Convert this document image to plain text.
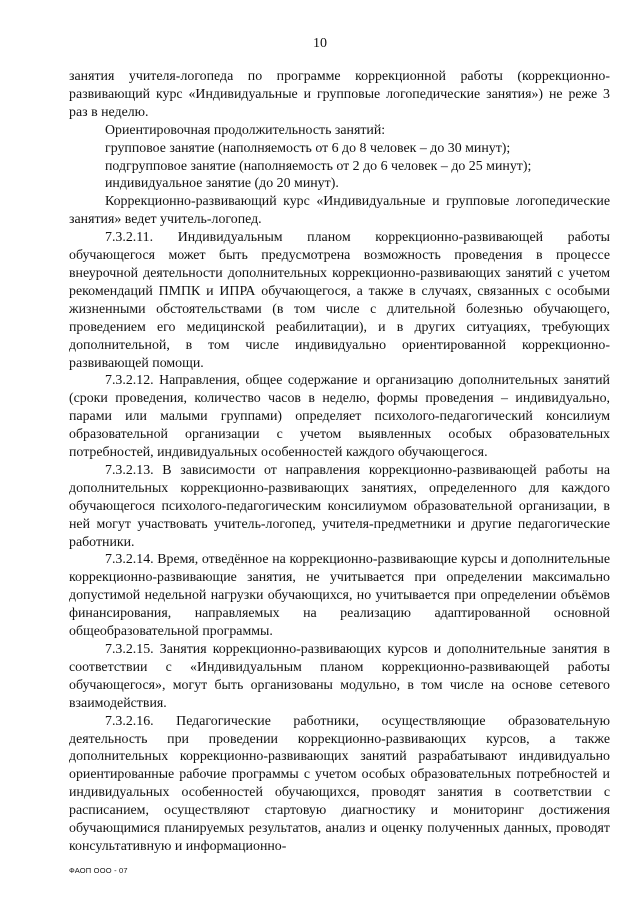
10

занятия учителя-логопеда по программе коррекционной работы (коррекционно-развивающий курс «Индивидуальные и групповые логопедические занятия») не реже 3 раз в неделю.

Ориентировочная продолжительность занятий:

групповое занятие (наполняемость от 6 до 8 человек – до 30 минут);

подгрупповое занятие (наполняемость от 2 до 6 человек – до 25 минут);

индивидуальное занятие (до 20 минут).

Коррекционно-развивающий курс «Индивидуальные и групповые логопедические занятия» ведет учитель-логопед.

7.3.2.11. Индивидуальным планом коррекционно-развивающей работы обучающегося может быть предусмотрена возможность проведения в процессе внеурочной деятельности дополнительных коррекционно-развивающих занятий с учетом рекомендаций ПМПК и ИПРА обучающегося, а также в случаях, связанных с особыми жизненными обстоятельствами (в том числе с длительной болезнью обучающего, проведением его медицинской реабилитации), и в других ситуациях, требующих дополнительной, в том числе индивидуально ориентированной коррекционно-развивающей помощи.

7.3.2.12. Направления, общее содержание и организацию дополнительных занятий (сроки проведения, количество часов в неделю, формы проведения – индивидуально, парами или малыми группами) определяет психолого-педагогический консилиум образовательной организации с учетом выявленных особых образовательных потребностей, индивидуальных особенностей каждого обучающегося.

7.3.2.13. В зависимости от направления коррекционно-развивающей работы на дополнительных коррекционно-развивающих занятиях, определенного для каждого обучающегося психолого-педагогическим консилиумом образовательной организации, в ней могут участвовать учитель-логопед, учителя-предметники и другие педагогические работники.

7.3.2.14. Время, отведённое на коррекционно-развивающие курсы и дополнительные коррекционно-развивающие занятия, не учитывается при определении максимально допустимой недельной нагрузки обучающихся, но учитывается при определении объёмов финансирования, направляемых на реализацию адаптированной основной общеобразовательной программы.

7.3.2.15. Занятия коррекционно-развивающих курсов и дополнительные занятия в соответствии с «Индивидуальным планом коррекционно-развивающей работы обучающегося», могут быть организованы модульно, в том числе на основе сетевого взаимодействия.

7.3.2.16. Педагогические работники, осуществляющие образовательную деятельность при проведении коррекционно-развивающих курсов, а также дополнительных коррекционно-развивающих занятий разрабатывают индивидуально ориентированные рабочие программы с учетом особых образовательных потребностей и индивидуальных особенностей обучающихся, проводят занятия в соответствии с расписанием, осуществляют стартовую диагностику и мониторинг достижения обучающимися планируемых результатов, анализ и оценку полученных данных, проводят консультативную и информационно-

ФАОП ООО - 07
